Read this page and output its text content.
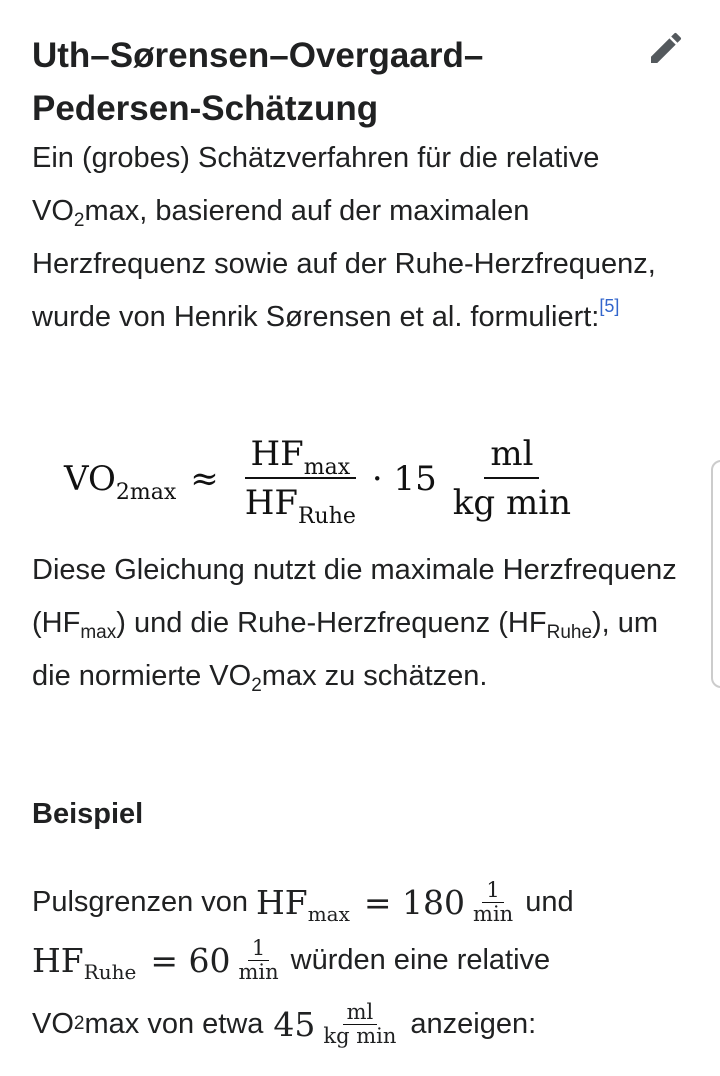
Uth–Sørensen–Overgaard–Pedersen-Schätzung

Ein (grobes) Schätzverfahren für die relative $VO_2\max$, basierend auf der maximalen Herzfrequenz sowie auf der Ruhe-Herzfrequenz, wurde von Henrik Sørensen et al. formuliert:[5]

$VO_{2max} \approx \frac{HF_{max}}{HF_{Ruhe}} \cdot 15 \frac{ml}{\text{kg min}}$

Diese Gleichung nutzt die maximale Herzfrequenz $(HF_{max})$ und die Ruhe-Herzfrequenz $(HF_{Ruhe})$, um die normierte $VO_2\max$ zu schätzen.

Beispiel
Pulsgrenzen von $HF_{max} = 180 \frac{1}{\min}$ und
$HF_{Ruhe} = 60 \frac{1}{\min}$ würden eine relative
VO 2 max von etwa $45 \frac{ml}{\text{kg min}}$ anzeigen:
